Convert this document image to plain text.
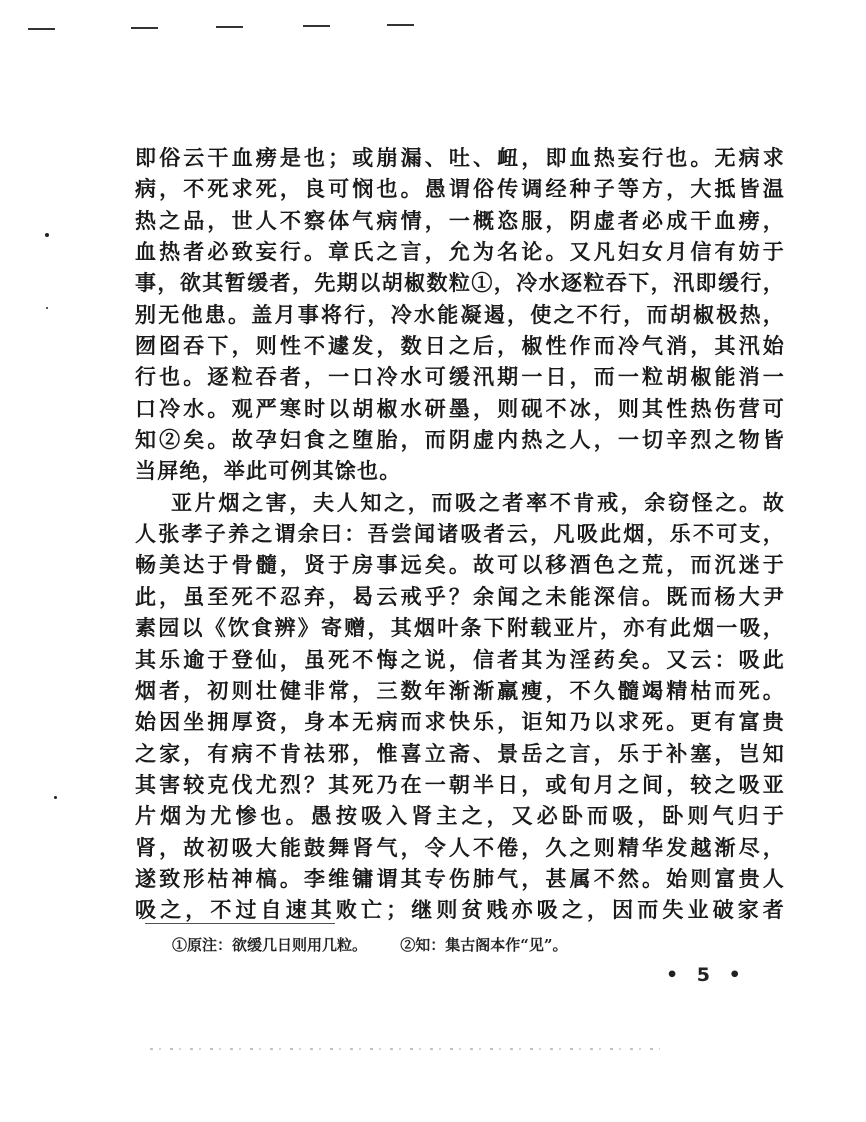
即俗云干血痨是也；或崩漏、吐、衄，即血热妄行也。无病求
病，不死求死，良可悯也。愚谓俗传调经种子等方，大抵皆温
热之品，世人不察体气病情，一概恣服，阴虚者必成干血痨，
血热者必致妄行。章氏之言，允为名论。又凡妇女月信有妨于
事，欲其暂缓者，先期以胡椒数粒①，冷水逐粒吞下，汛即缓行，
别无他患。盖月事将行，冷水能凝遏，使之不行，而胡椒极热，
囫囵吞下，则性不遽发，数日之后，椒性作而冷气消，其汛始
行也。逐粒吞者，一口冷水可缓汛期一日，而一粒胡椒能消一
口冷水。观严寒时以胡椒水研墨，则砚不冰，则其性热伤营可
知②矣。故孕妇食之堕胎，而阴虚内热之人，一切辛烈之物皆
当屏绝，举此可例其馀也。
亚片烟之害，夫人知之，而吸之者率不肯戒，余窃怪之。故
人张孝子养之谓余曰：吾尝闻诸吸者云，凡吸此烟，乐不可支，
畅美达于骨髓，贤于房事远矣。故可以移酒色之荒，而沉迷于
此，虽至死不忍弃，曷云戒乎？余闻之未能深信。既而杨大尹
素园以《饮食辨》寄赠，其烟叶条下附载亚片，亦有此烟一吸，
其乐逾于登仙，虽死不悔之说，信者其为淫药矣。又云：吸此
烟者，初则壮健非常，三数年渐渐羸瘦，不久髓竭精枯而死。
始因坐拥厚资，身本无病而求快乐，讵知乃以求死。更有富贵
之家，有病不肯祛邪，惟喜立斋、景岳之言，乐于补塞，岂知
其害较克伐尤烈？其死乃在一朝半日，或旬月之间，较之吸亚
片烟为尤惨也。愚按吸入肾主之，又必卧而吸，卧则气归于
肾，故初吸大能鼓舞肾气，令人不倦，久之则精华发越渐尽，
遂致形枯神槁。李维镛谓其专伤肺气，甚属不然。始则富贵人
吸之，不过自速其败亡；继则贫贱亦吸之，因而失业破家者
①原注：欲缓几日则用几粒。 ②知：集古阁本作“见”。
• 5 •
